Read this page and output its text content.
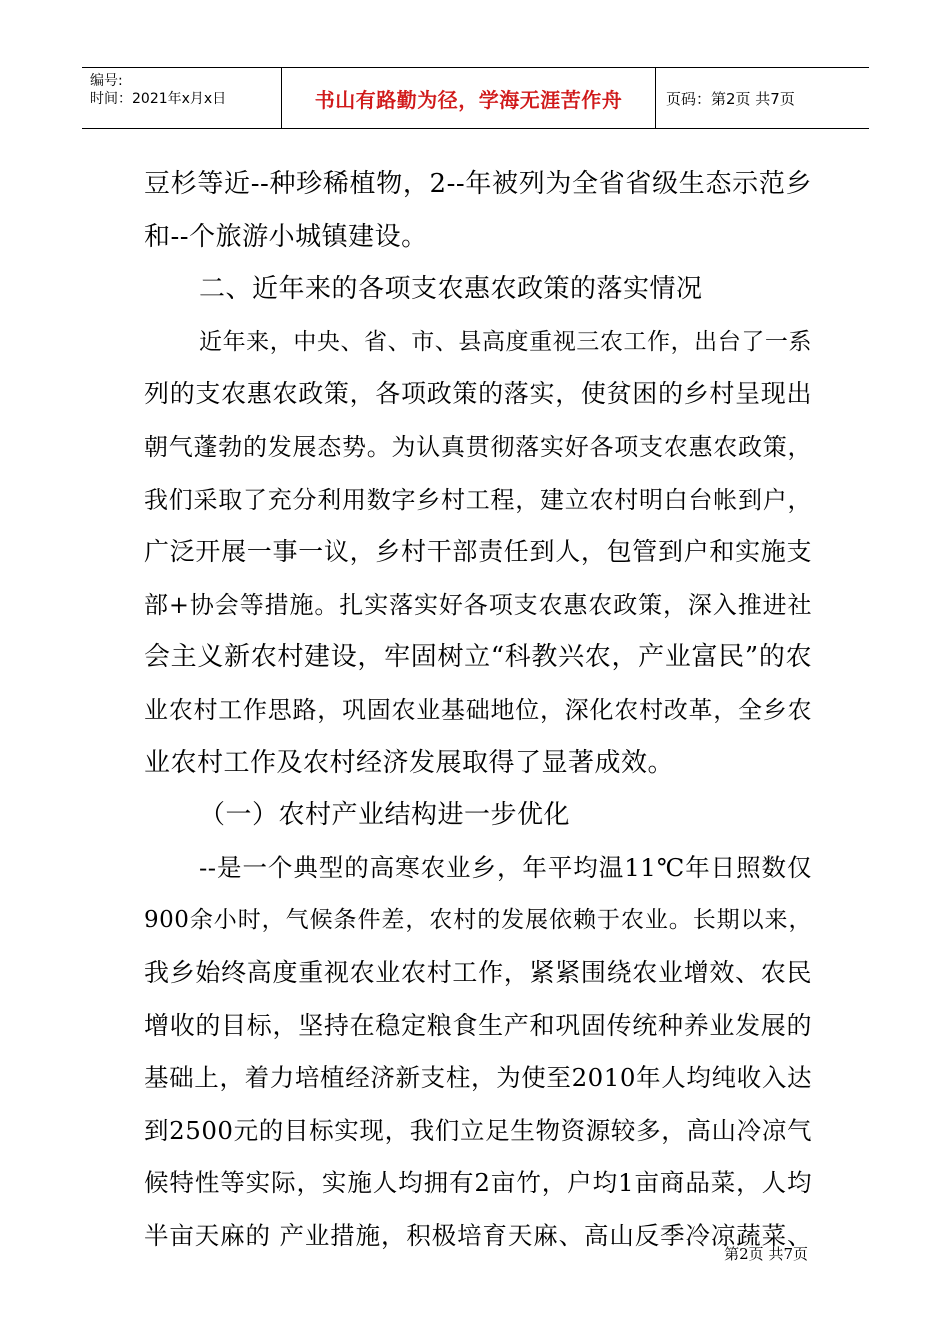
编号:
时间：2021年x月x日	书山有路勤为径，学海无涯苦作舟	页码：第2页 共7页
豆杉等近--种珍稀植物，2--年被列为全省省级生态示范乡
和--个旅游小城镇建设。
二、近年来的各项支农惠农政策的落实情况
近年来，中央、省、市、县高度重视三农工作，出台了一系
列的支农惠农政策，各项政策的落实，使贫困的乡村呈现出
朝气蓬勃的发展态势。为认真贯彻落实好各项支农惠农政策，
我们采取了充分利用数字乡村工程，建立农村明白台帐到户，
广泛开展一事一议，乡村干部责任到人，包管到户和实施支
部+协会等措施。扎实落实好各项支农惠农政策，深入推进社
会主义新农村建设，牢固树立“科教兴农，产业富民”的农
业农村工作思路，巩固农业基础地位，深化农村改革，全乡农
业农村工作及农村经济发展取得了显著成效。
（一）农村产业结构进一步优化
--是一个典型的高寒农业乡，年平均温11℃年日照数仅
900余小时，气候条件差，农村的发展依赖于农业。长期以来，
我乡始终高度重视农业农村工作，紧紧围绕农业增效、农民
增收的目标，坚持在稳定粮食生产和巩固传统种养业发展的
基础上，着力培植经济新支柱，为使至2010年人均纯收入达
到2500元的目标实现，我们立足生物资源较多，高山冷凉气
候特性等实际，实施人均拥有2亩竹，户均1亩商品菜，人均
半亩天麻的 产业措施，积极培育天麻、高山反季冷凉蔬菜、
第2页 共7页
